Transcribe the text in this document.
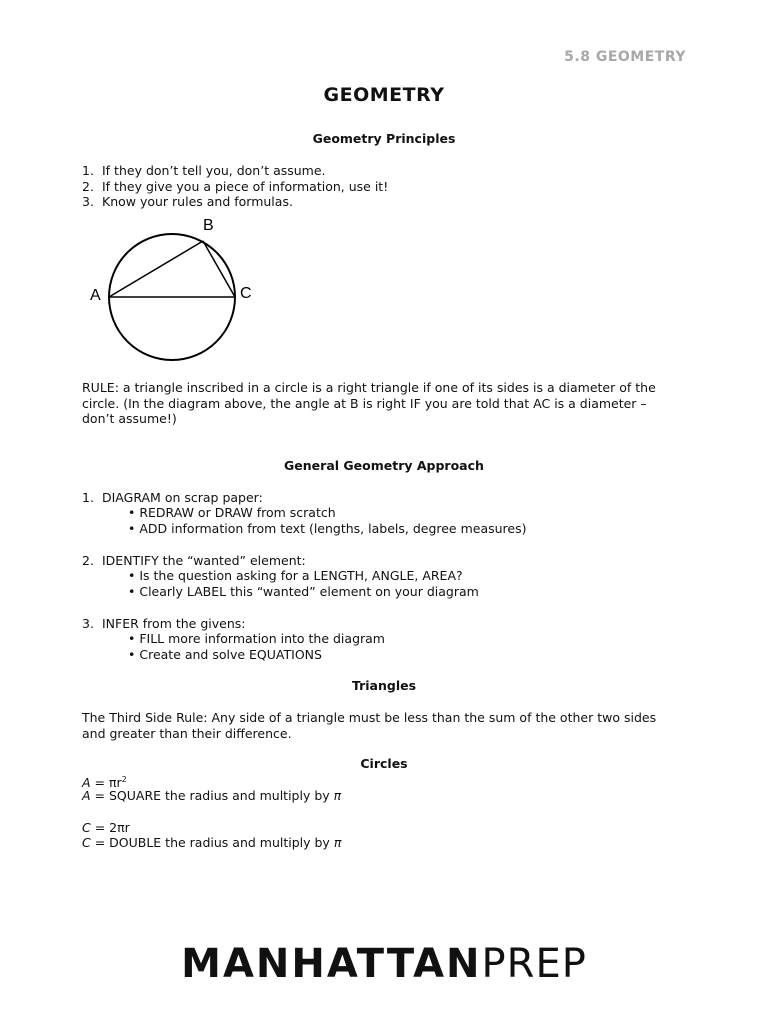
5.8 GEOMETRY
GEOMETRY
Geometry Principles
1. If they don’t tell you, don’t assume.
2. If they give you a piece of information, use it!
3. Know your rules and formulas.
A
B
C
RULE: a triangle inscribed in a circle is a right triangle if one of its sides is a diameter of the
circle. (In the diagram above, the angle at B is right IF you are told that AC is a diameter –
don’t assume!)
General Geometry Approach
1. DIAGRAM on scrap paper:
• REDRAW or DRAW from scratch
• ADD information from text (lengths, labels, degree measures)
2. IDENTIFY the “wanted” element:
• Is the question asking for a LENGTH, ANGLE, AREA?
• Clearly LABEL this “wanted” element on your diagram
3. INFER from the givens:
• FILL more information into the diagram
• Create and solve EQUATIONS
Triangles
The Third Side Rule: Any side of a triangle must be less than the sum of the other two sides
and greater than their difference.
Circles
$A = \pi r^2$
A = SQUARE the radius and multiply by π
C = 2πr
C = DOUBLE the radius and multiply by π
MANHATTANPREP
